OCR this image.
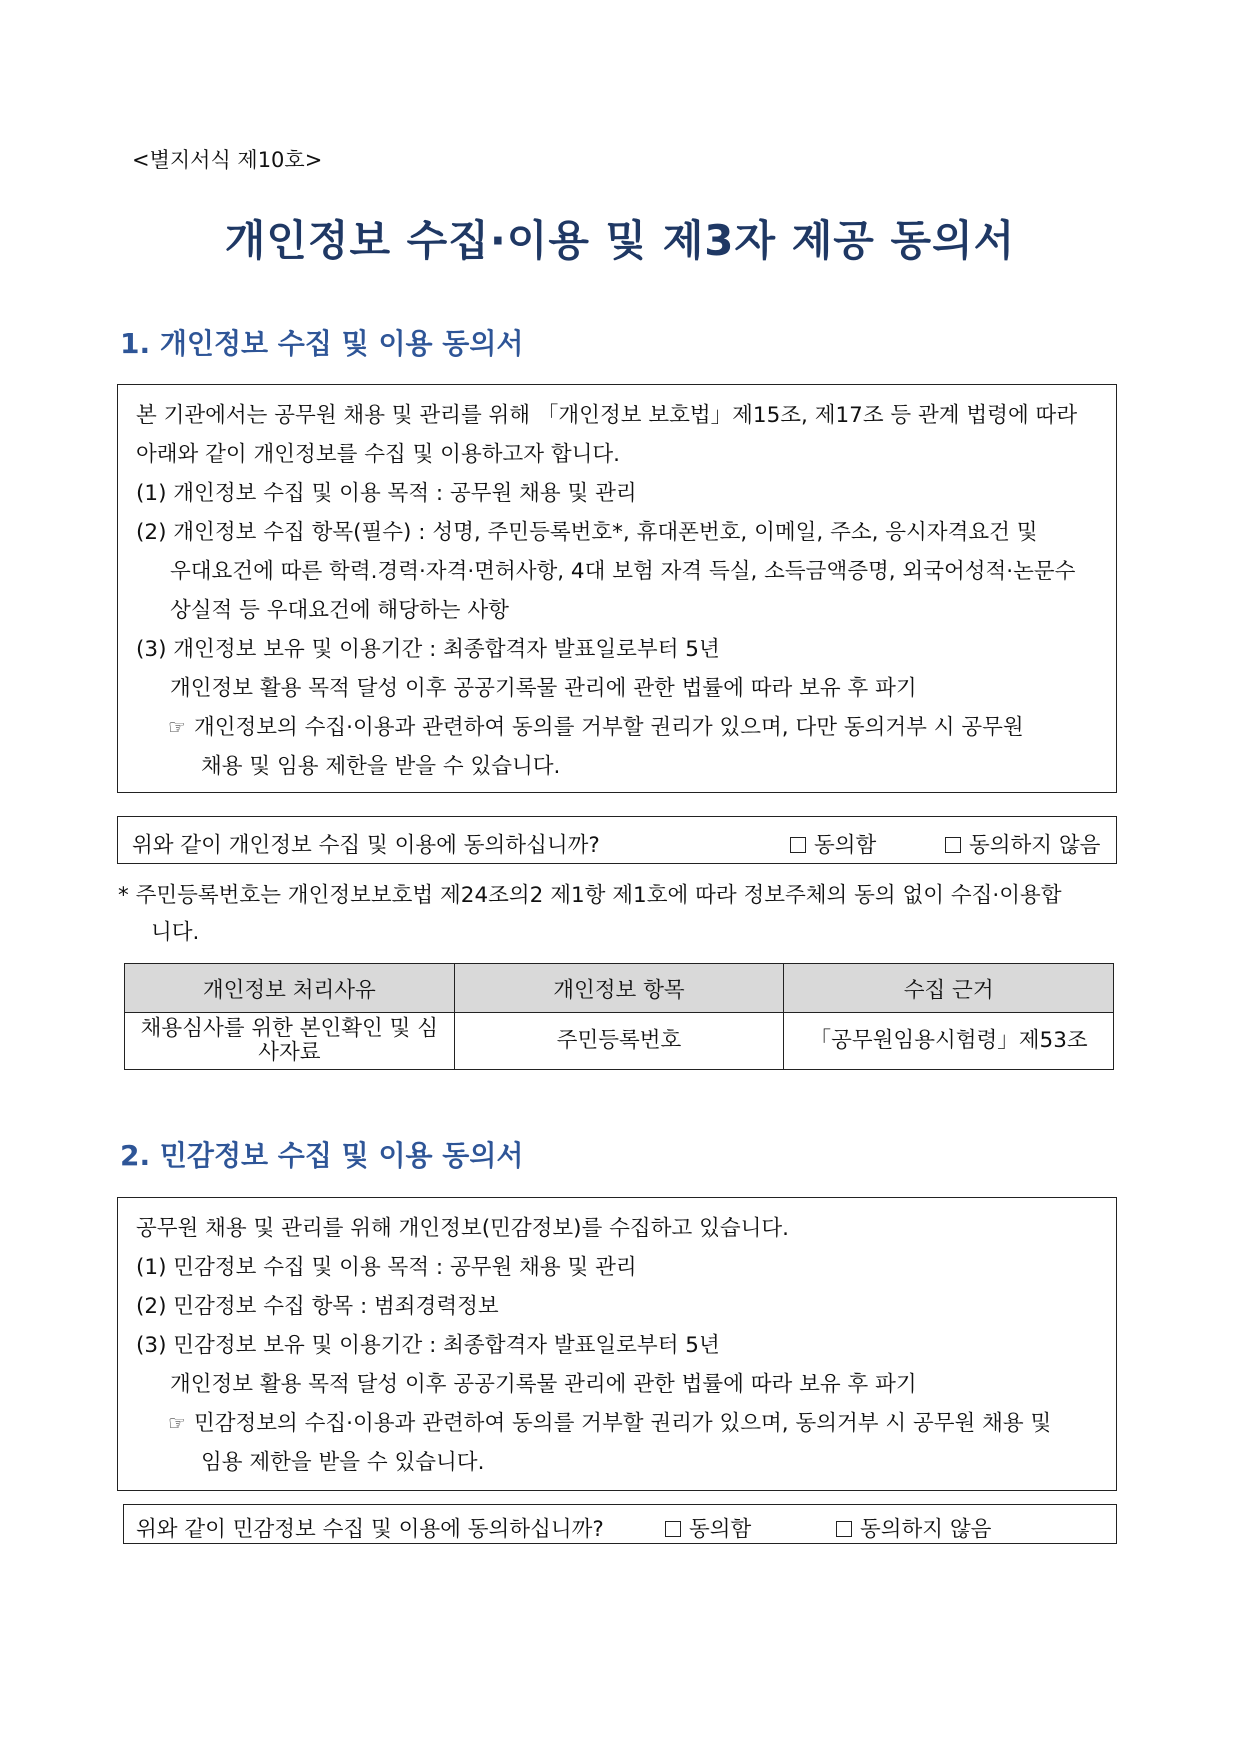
<별지서식 제10호>
개인정보 수집·이용 및 제3자 제공 동의서
1. 개인정보 수집 및 이용 동의서
본 기관에서는 공무원 채용 및 관리를 위해 「개인정보 보호법」제15조, 제17조 등 관계 법령에 따라
아래와 같이 개인정보를 수집 및 이용하고자 합니다.
(1) 개인정보 수집 및 이용 목적 : 공무원 채용 및 관리
(2) 개인정보 수집 항목(필수) : 성명, 주민등록번호*, 휴대폰번호, 이메일, 주소, 응시자격요건 및
우대요건에 따른 학력.경력·자격·면허사항, 4대 보험 자격 득실, 소득금액증명, 외국어성적·논문수
상실적 등 우대요건에 해당하는 사항
(3) 개인정보 보유 및 이용기간 : 최종합격자 발표일로부터 5년
개인정보 활용 목적 달성 이후 공공기록물 관리에 관한 법률에 따라 보유 후 파기
☞ 개인정보의 수집·이용과 관련하여 동의를 거부할 권리가 있으며, 다만 동의거부 시 공무원
채용 및 임용 제한을 받을 수 있습니다.
위와 같이 개인정보 수집 및 이용에 동의하십니까?	동의함	동의하지 않음
* 주민등록번호는 개인정보보호법 제24조의2 제1항 제1호에 따라 정보주체의 동의 없이 수집·이용합
니다.
개인정보 처리사유	개인정보 항목	수집 근거
채용심사를 위한 본인확인 및 심사자료	주민등록번호	「공무원임용시험령」제53조
2. 민감정보 수집 및 이용 동의서
공무원 채용 및 관리를 위해 개인정보(민감정보)를 수집하고 있습니다.
(1) 민감정보 수집 및 이용 목적 : 공무원 채용 및 관리
(2) 민감정보 수집 항목 : 범죄경력정보
(3) 민감정보 보유 및 이용기간 : 최종합격자 발표일로부터 5년
개인정보 활용 목적 달성 이후 공공기록물 관리에 관한 법률에 따라 보유 후 파기
☞ 민감정보의 수집·이용과 관련하여 동의를 거부할 권리가 있으며, 동의거부 시 공무원 채용 및
임용 제한을 받을 수 있습니다.
위와 같이 민감정보 수집 및 이용에 동의하십니까?	동의함	동의하지 않음
